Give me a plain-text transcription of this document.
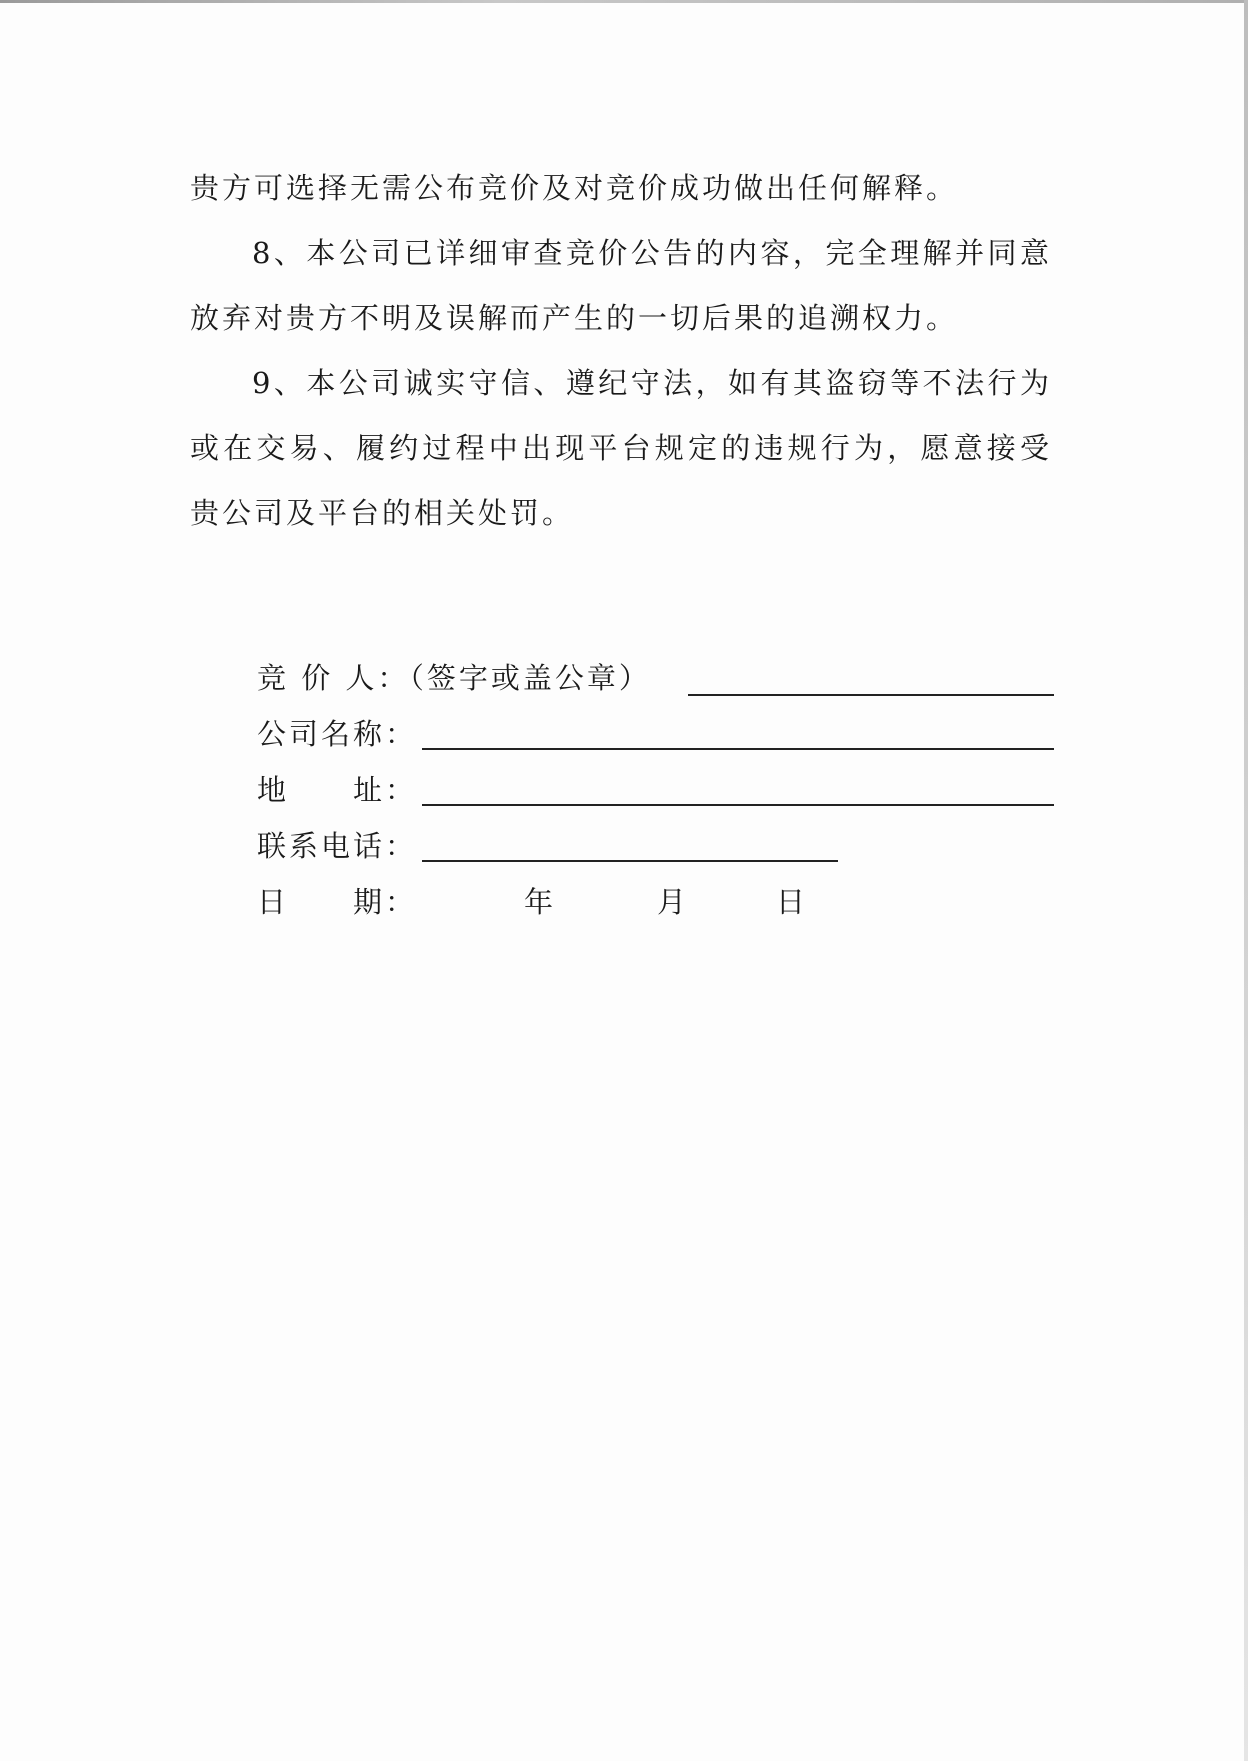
贵方可选择无需公布竞价及对竞价成功做出任何解释。

8、本公司已详细审查竞价公告的内容，完全理解并同意放弃对贵方不明及误解而产生的一切后果的追溯权力。

9、本公司诚实守信、遵纪守法，如有其盗窃等不法行为或在交易、履约过程中出现平台规定的违规行为，愿意接受贵公司及平台的相关处罚。

竞 价 人：（签字或盖公章）
公司名称：
地　　址：
联系电话：
日　　期：	年	月	日
